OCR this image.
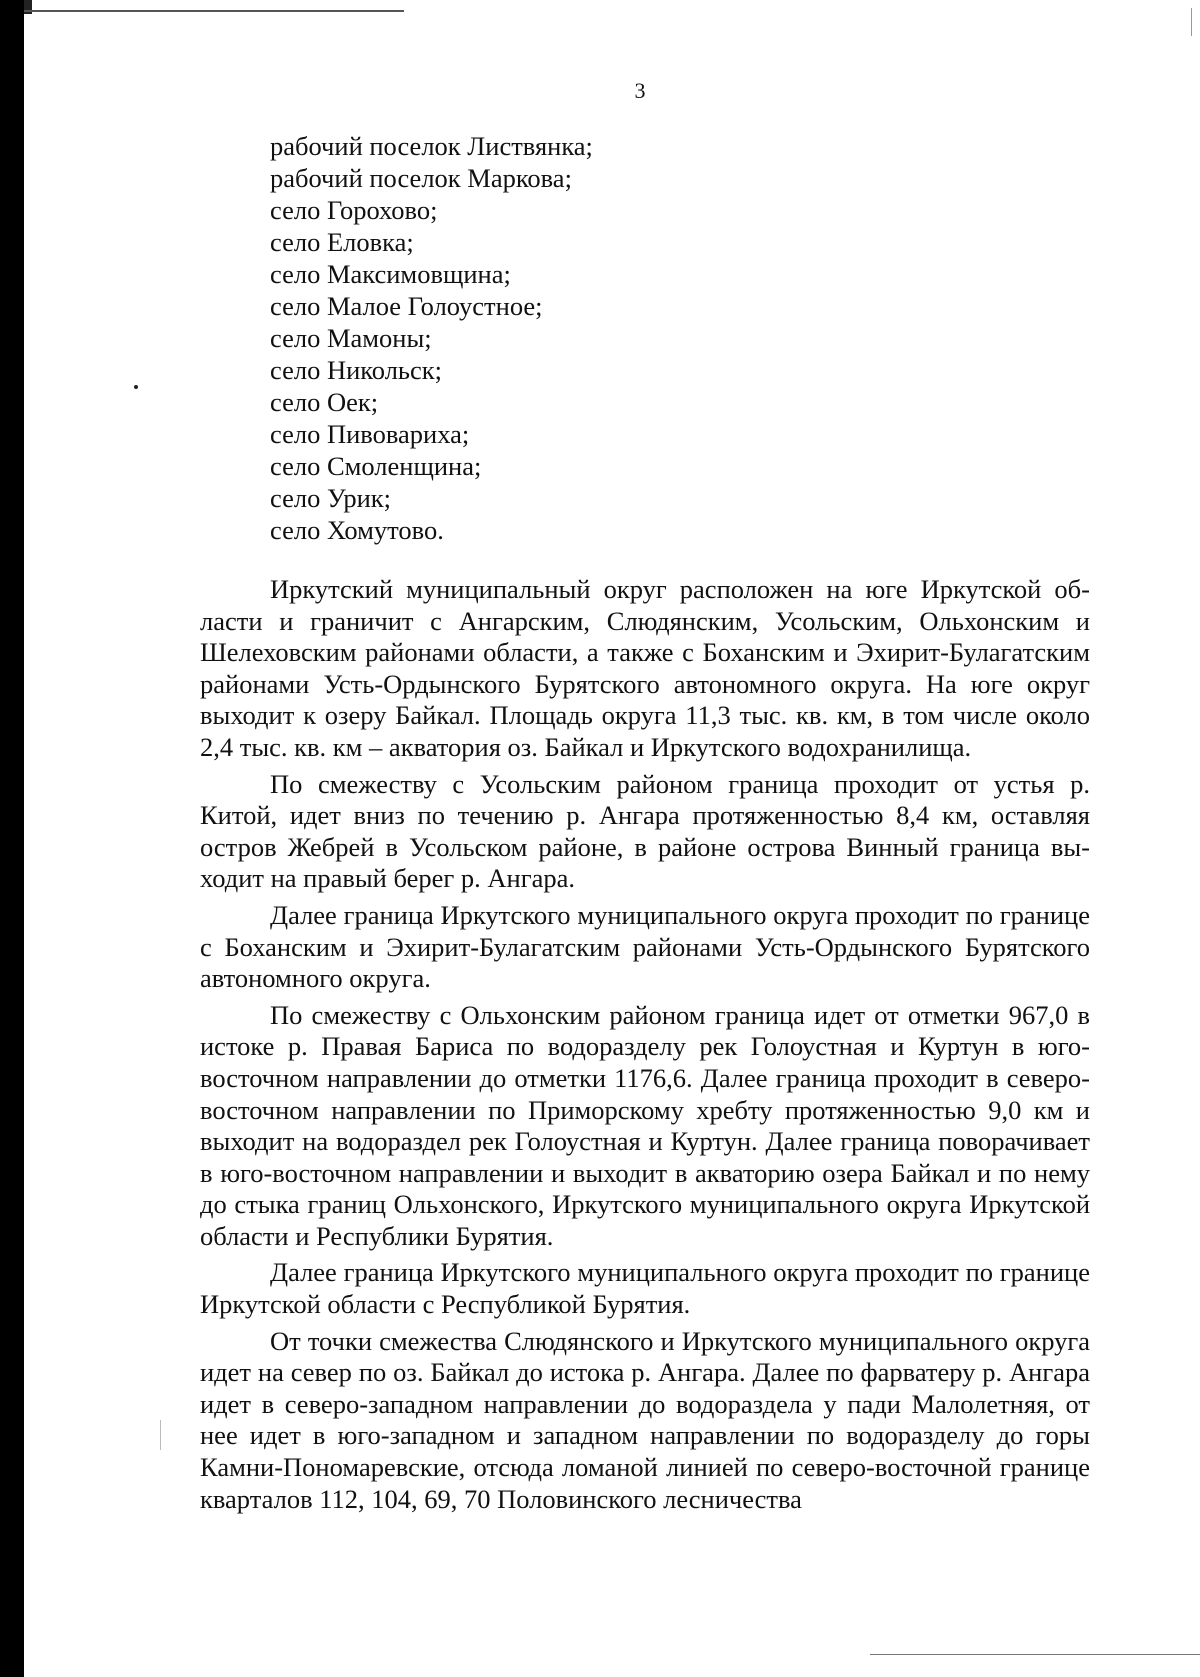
3
рабочий поселок Листвянка;
рабочий поселок Маркова;
село Горохово;
село Еловка;
село Максимовщина;
село Малое Голоустное;
село Мамоны;
село Никольск;
село Оек;
село Пивовариха;
село Смоленщина;
село Урик;
село Хомутово.

Иркутский муниципальный округ расположен на юге Иркутской области и граничит с Ангарским, Слюдянским, Усольским, Ольхонским и Шелеховским районами области, а также с Боханским и Эхирит-Булагатским районами Усть-Ордынского Бурятского автономного округа. На юге округ выходит к озеру Байкал. Площадь округа 11,3 тыс. кв. км, в том числе около 2,4 тыс. кв. км – акватория оз. Байкал и Иркутского водохранилища.

По смежеству с Усольским районом граница проходит от устья р. Китой, идет вниз по течению р. Ангара протяженностью 8,4 км, оставляя остров Жебрей в Усольском районе, в районе острова Винный граница выходит на правый берег р. Ангара.

Далее граница Иркутского муниципального округа проходит по границе с Боханским и Эхирит-Булагатским районами Усть-Ордынского Бурятского автономного округа.

По смежеству с Ольхонским районом граница идет от отметки 967,0 в истоке р. Правая Бариса по водоразделу рек Голоустная и Куртун в юго-восточном направлении до отметки 1176,6. Далее граница проходит в северо-восточном направлении по Приморскому хребту протяженностью 9,0 км и выходит на водораздел рек Голоустная и Куртун. Далее граница поворачивает в юго-восточном направлении и выходит в акваторию озера Байкал и по нему до стыка границ Ольхонского, Иркутского муниципального округа Иркутской области и Республики Бурятия.

Далее граница Иркутского муниципального округа проходит по границе Иркутской области с Республикой Бурятия.

От точки смежества Слюдянского и Иркутского муниципального округа идет на север по оз. Байкал до истока р. Ангара. Далее по фарватеру р. Ангара идет в северо-западном направлении до водораздела у пади Малолетняя, от нее идет в юго-западном и западном направлении по водоразделу до горы Камни-Пономаревские, отсюда ломаной линией по северо-восточной границе кварталов 112, 104, 69, 70 Половинского лесничества
